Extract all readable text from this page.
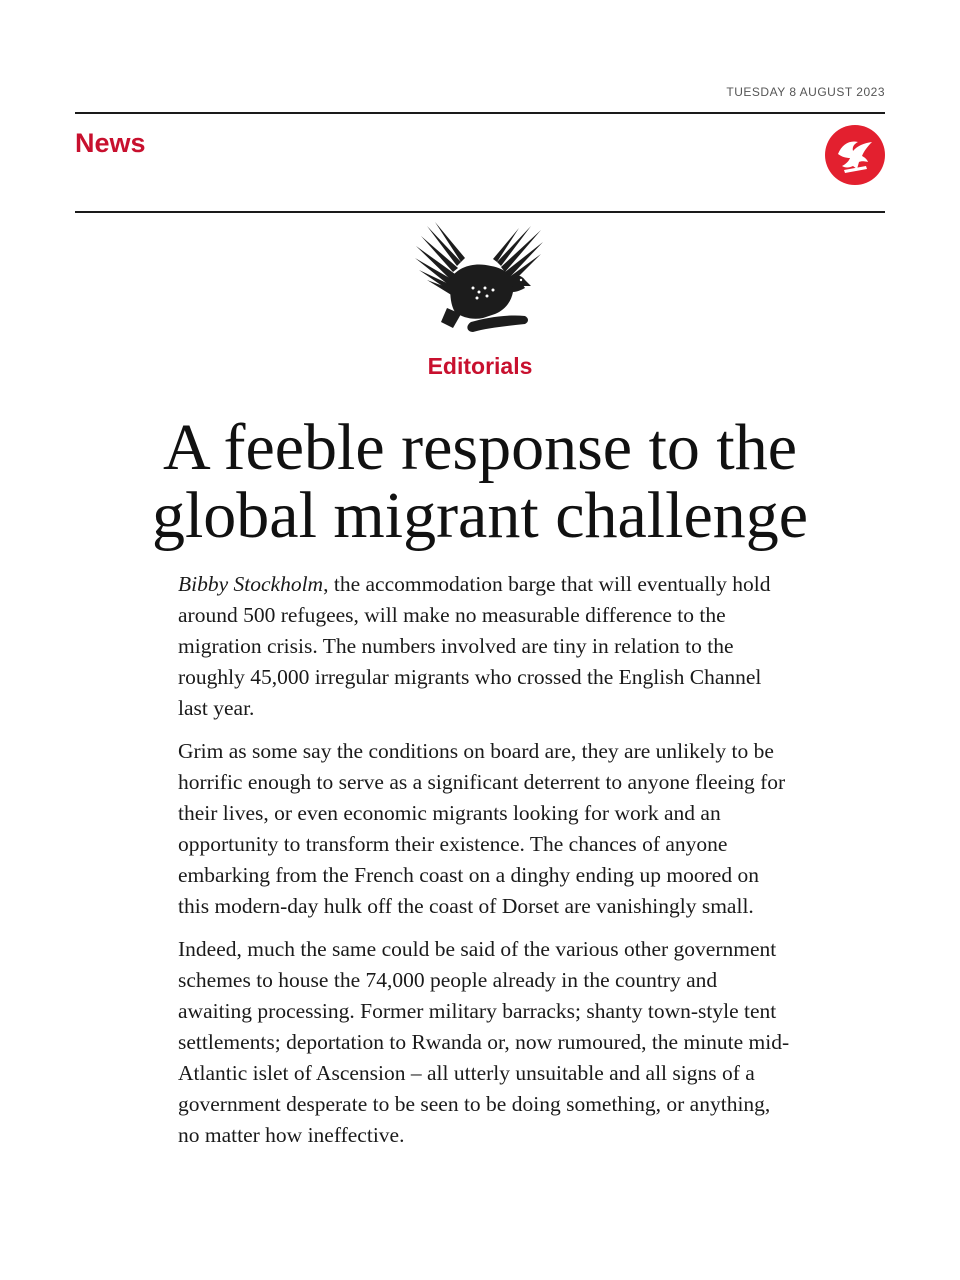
TUESDAY 8 AUGUST 2023
News
Editorials
A feeble response to the
global migrant challenge

Bibby Stockholm, the accommodation barge that will eventually hold around 500 refugees, will make no measurable difference to the migration crisis. The numbers involved are tiny in relation to the roughly 45,000 irregular migrants who crossed the English Channel last year.

Grim as some say the conditions on board are, they are unlikely to be horrific enough to serve as a significant deterrent to anyone fleeing for their lives, or even economic migrants looking for work and an opportunity to transform their existence. The chances of anyone embarking from the French coast on a dinghy ending up moored on this modern-day hulk off the coast of Dorset are vanishingly small.

Indeed, much the same could be said of the various other government schemes to house the 74,000 people already in the country and awaiting processing. Former military barracks; shanty town-style tent settlements; deportation to Rwanda or, now rumoured, the minute mid-Atlantic islet of Ascension – all utterly unsuitable and all signs of a government desperate to be seen to be doing something, or anything, no matter how ineffective.
